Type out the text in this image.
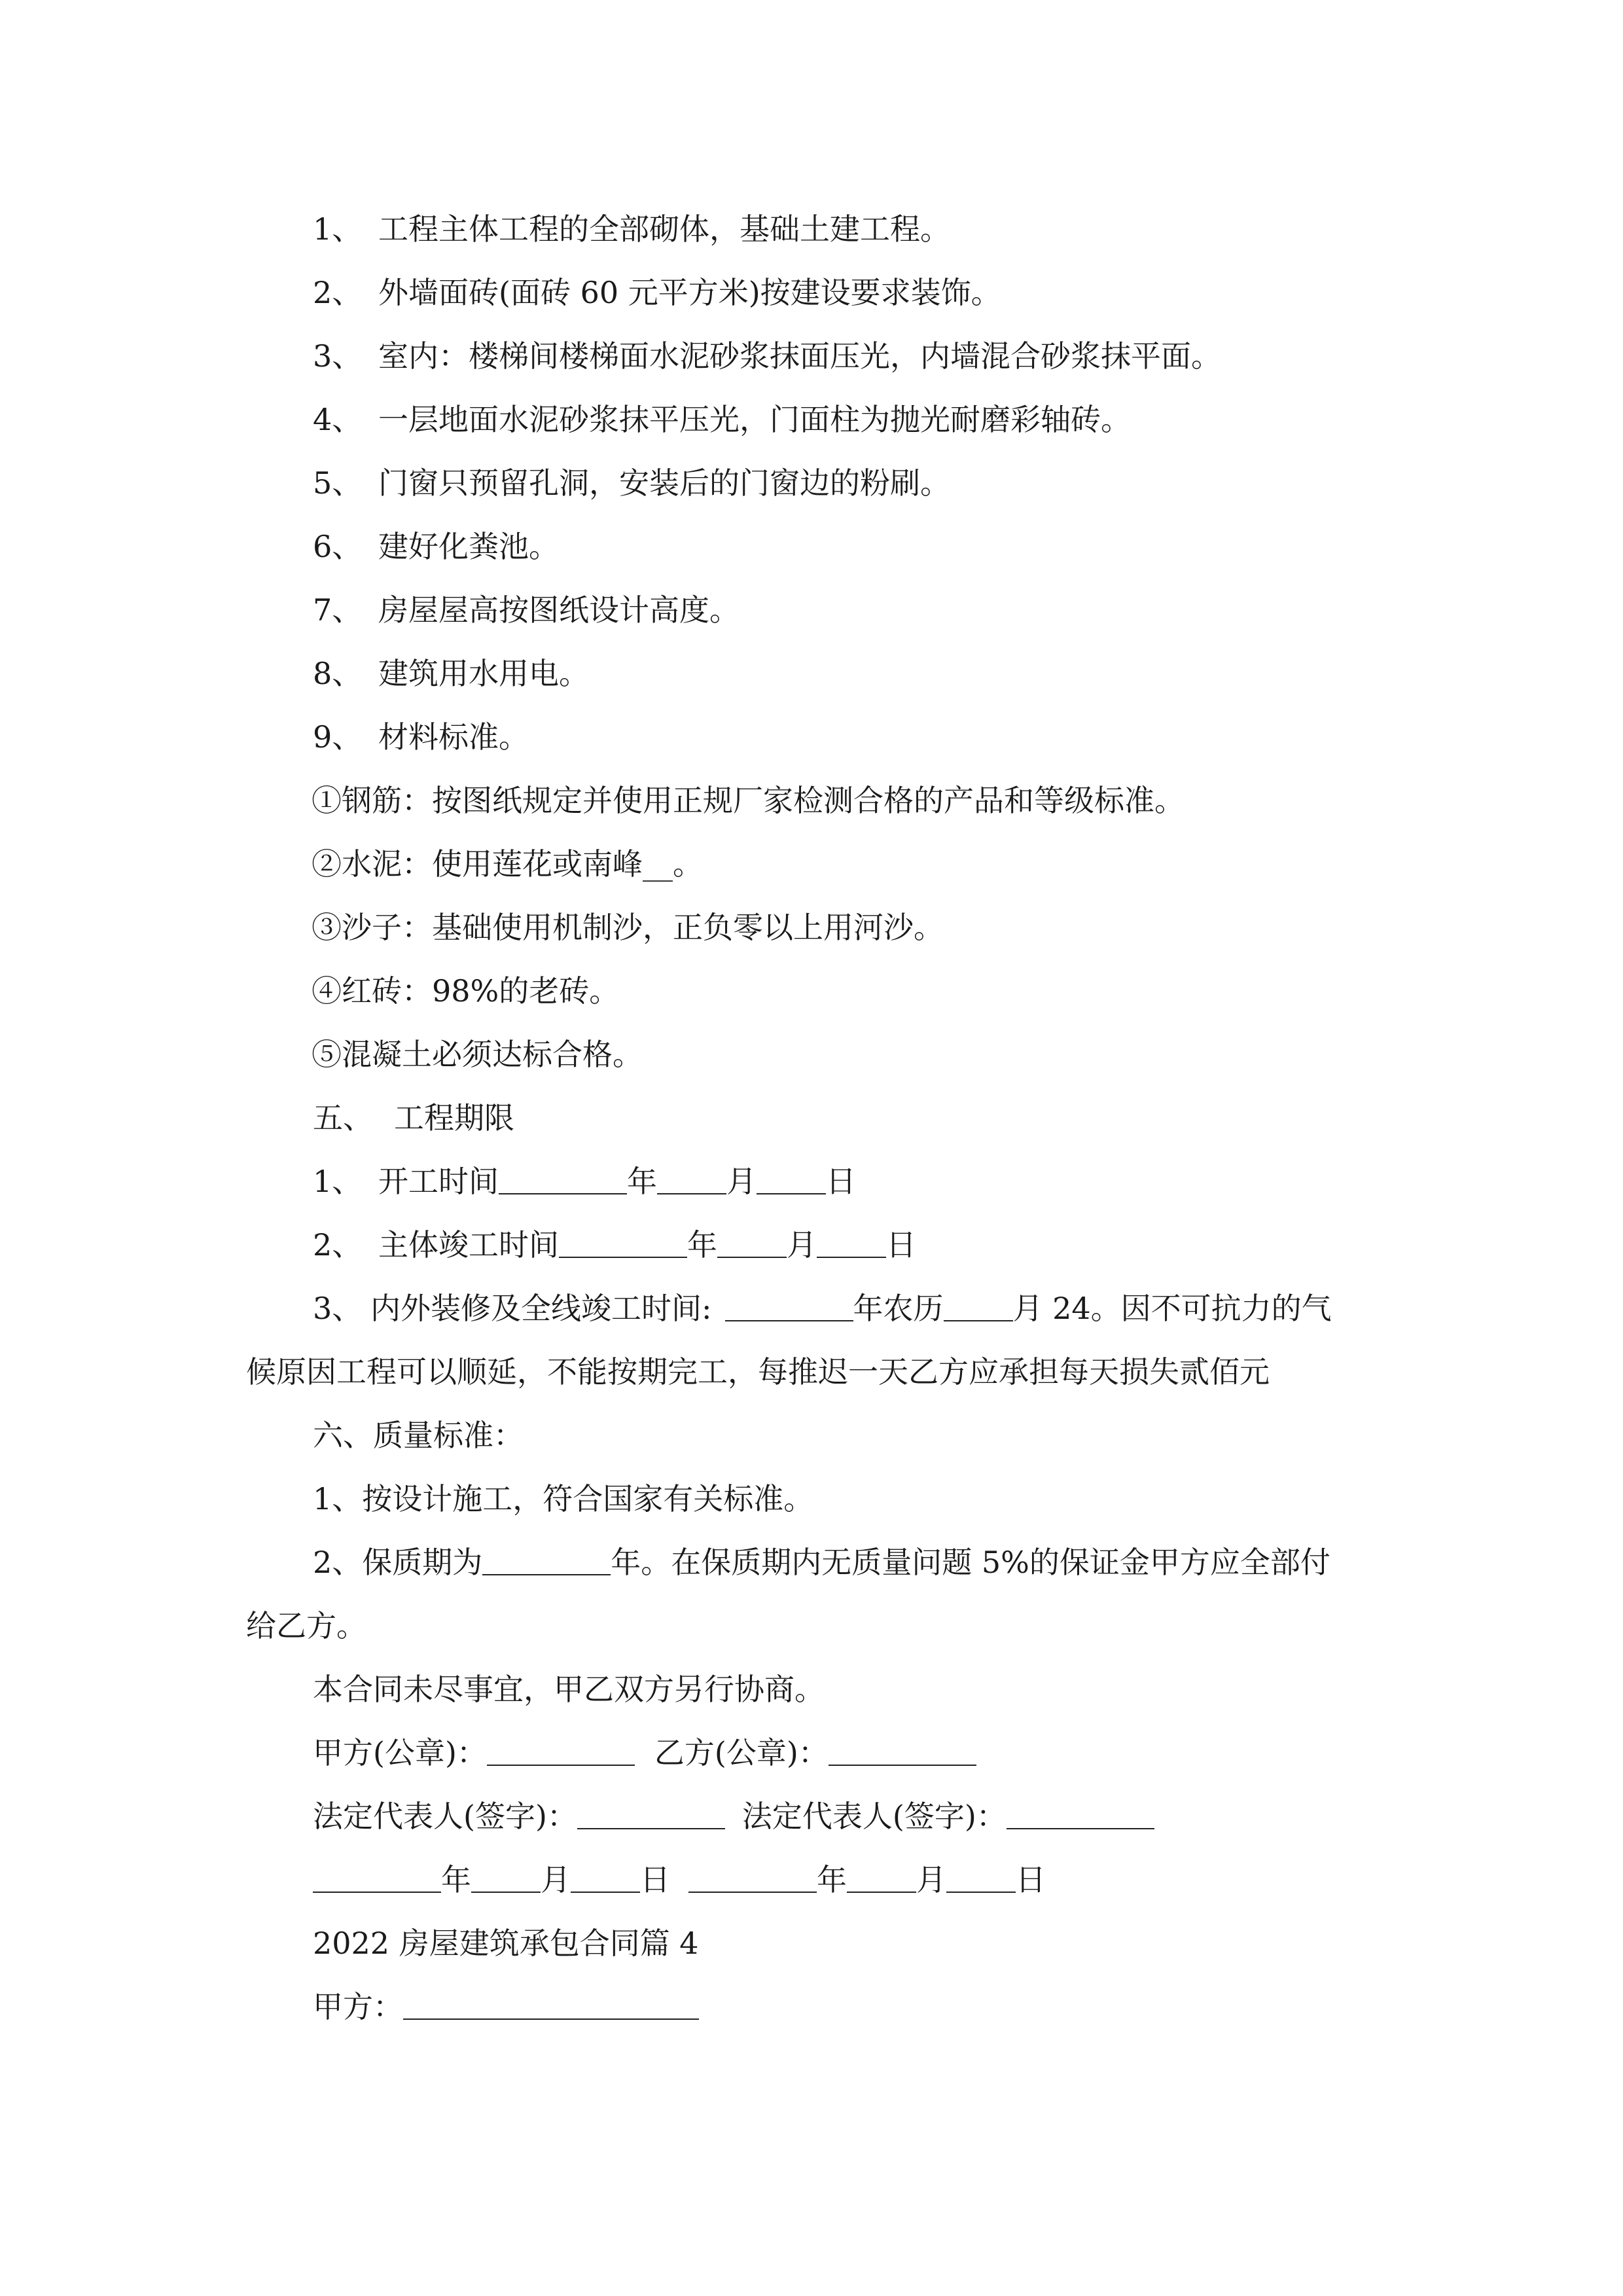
1、 工程主体工程的全部砌体，基础土建工程。
2、 外墙面砖(面砖 60 元平方米)按建设要求装饰。
3、 室内：楼梯间楼梯面水泥砂浆抹面压光，内墙混合砂浆抹平面。
4、 一层地面水泥砂浆抹平压光，门面柱为抛光耐磨彩轴砖。
5、 门窗只预留孔洞，安装后的门窗边的粉刷。
6、 建好化粪池。
7、 房屋屋高按图纸设计高度。
8、 建筑用水用电。
9、 材料标准。
①钢筋：按图纸规定并使用正规厂家检测合格的产品和等级标准。
②水泥：使用莲花或南峰__。
③沙子：基础使用机制沙，正负零以上用河沙。
④红砖：98%的老砖。
⑤混凝土必须达标合格。
五、 工程期限
1、 开工时间	年 月 日
2、 主体竣工时间	年 月 日
3、 内外装修及全线竣工时间:	年农历 月 24。因不可抗力的气
候原因工程可以顺延，不能按期完工，每推迟一天乙方应承担每天损失贰佰元
六、质量标准：
1、按设计施工，符合国家有关标准。
2、保质期为	年。在保质期内无质量问题 5%的保证金甲方应全部付
给乙方。
本合同未尽事宜，甲乙双方另行协商。
甲方(公章)：	乙方(公章)：
法定代表人(签字)：	法定代表人(签字)：
年 月 日	年 月 日
2022 房屋建筑承包合同篇 4
甲方：
